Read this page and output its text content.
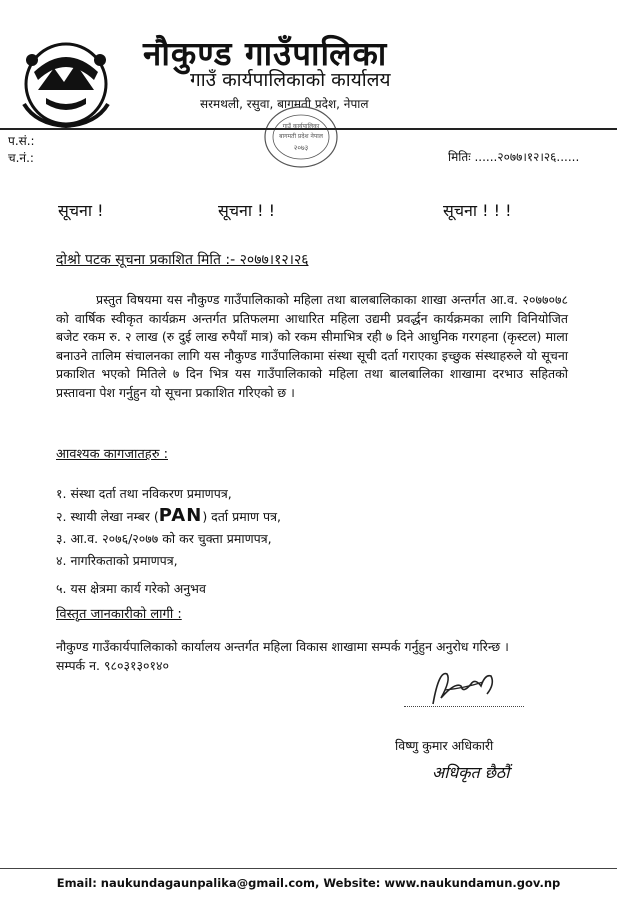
नौकुण्ड गाउँपालिका
गाउँ कार्यपालिकाको कार्यालय
सरमथली, रसुवा, बागमती प्रदेश, नेपाल
गाउँ कार्यपालिका
बागमती प्रदेश नेपाल
२०७३
प.सं.:
च.नं.:	मितिः ......२०७७।१२।२६......
सूचना !	सूचना ! !	सूचना ! ! !
दोश्रो पटक सूचना प्रकाशित मिति :- २०७७।१२।२६
प्रस्तुत विषयमा यस नौकुण्ड गाउँपालिकाको महिला तथा बालबालिकाका शाखा अन्तर्गत आ.व. २०७७०७८ को वार्षिक स्वीकृत कार्यक्रम अन्तर्गत प्रतिफलमा आधारित महिला उद्यमी प्रवर्द्धन कार्यक्रमका लागि विनियोजित बजेट रकम रु. २ लाख (रु दुई लाख रुपैयाँ मात्र) को रकम सीमाभित्र रही ७ दिने आधुनिक गरगहना (कृस्टल) माला बनाउने तालिम संचालनका लागि यस नौकुण्ड गाउँपालिकामा संस्था सूची दर्ता गराएका इच्छुक संस्थाहरुले यो सूचना प्रकाशित भएको मितिले ७ दिन भित्र यस गाउँपालिकाको महिला तथा बालबालिका शाखामा दरभाउ सहितको प्रस्तावना पेश गर्नुहुन यो सूचना प्रकाशित गरिएको छ ।
आवश्यक कागजातहरु :
१. संस्था दर्ता तथा नविकरण प्रमाणपत्र,
२. स्थायी लेखा नम्बर (PAN) दर्ता प्रमाण पत्र,
३. आ.व. २०७६/२०७७ को कर चुक्ता प्रमाणपत्र,
४. नागरिकताको प्रमाणपत्र,
५. यस क्षेत्रमा कार्य गरेको अनुभव
विस्तृत जानकारीको लागी :
नौकुण्ड गाउँकार्यपालिकाको कार्यालय अन्तर्गत महिला विकास शाखामा सम्पर्क गर्नुहुन अनुरोध गरिन्छ ।
सम्पर्क न. ९८०३१३०१४०
विष्णु कुमार अधिकारी
अधिकृत छैठौं
Email: naukundagaunpalika@gmail.com, Website: www.naukundamun.gov.np
